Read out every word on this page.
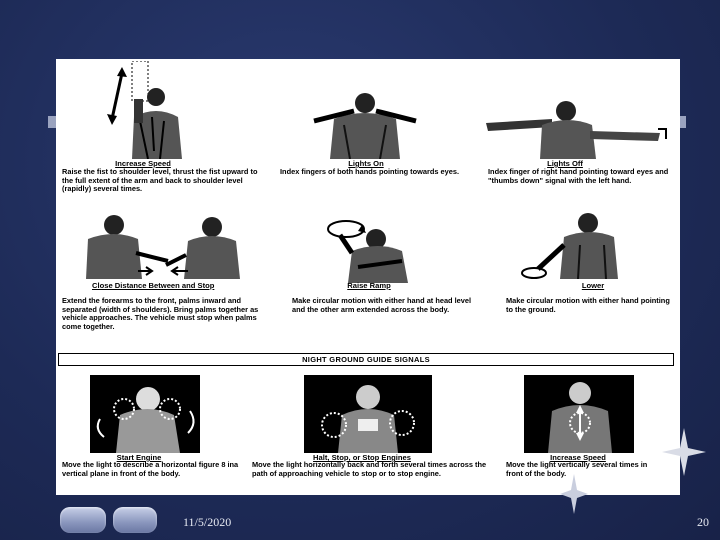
Increase Speed
Raise the fist to shoulder level, thrust the fist upward to the full extent of the arm and back to shoulder level (rapidly) several times.
Lights On
Index fingers of both hands pointing towards eyes.
Lights Off
Index finger of right hand pointing toward eyes and "thumbs down" signal with the left hand.
Close Distance Between and Stop
Extend the forearms to the front, palms inward and separated (width of shoulders). Bring palms together as vehicle approaches. The vehicle must stop when palms come together.
Raise Ramp
Make circular motion with either hand at head level and the other arm extended across the body.
Lower
Make circular motion with either hand pointing to the ground.
NIGHT GROUND GUIDE SIGNALS
Start Engine
Move the light to describe a horizontal figure 8 ina vertical plane in front of the body.
Halt, Stop, or Stop Engines
Move the light horizontally back and forth several times across the path of approaching vehicle to stop or to stop engine.
Increase Speed
Move the light vertically several times in front of the body.
11/5/2020	20
